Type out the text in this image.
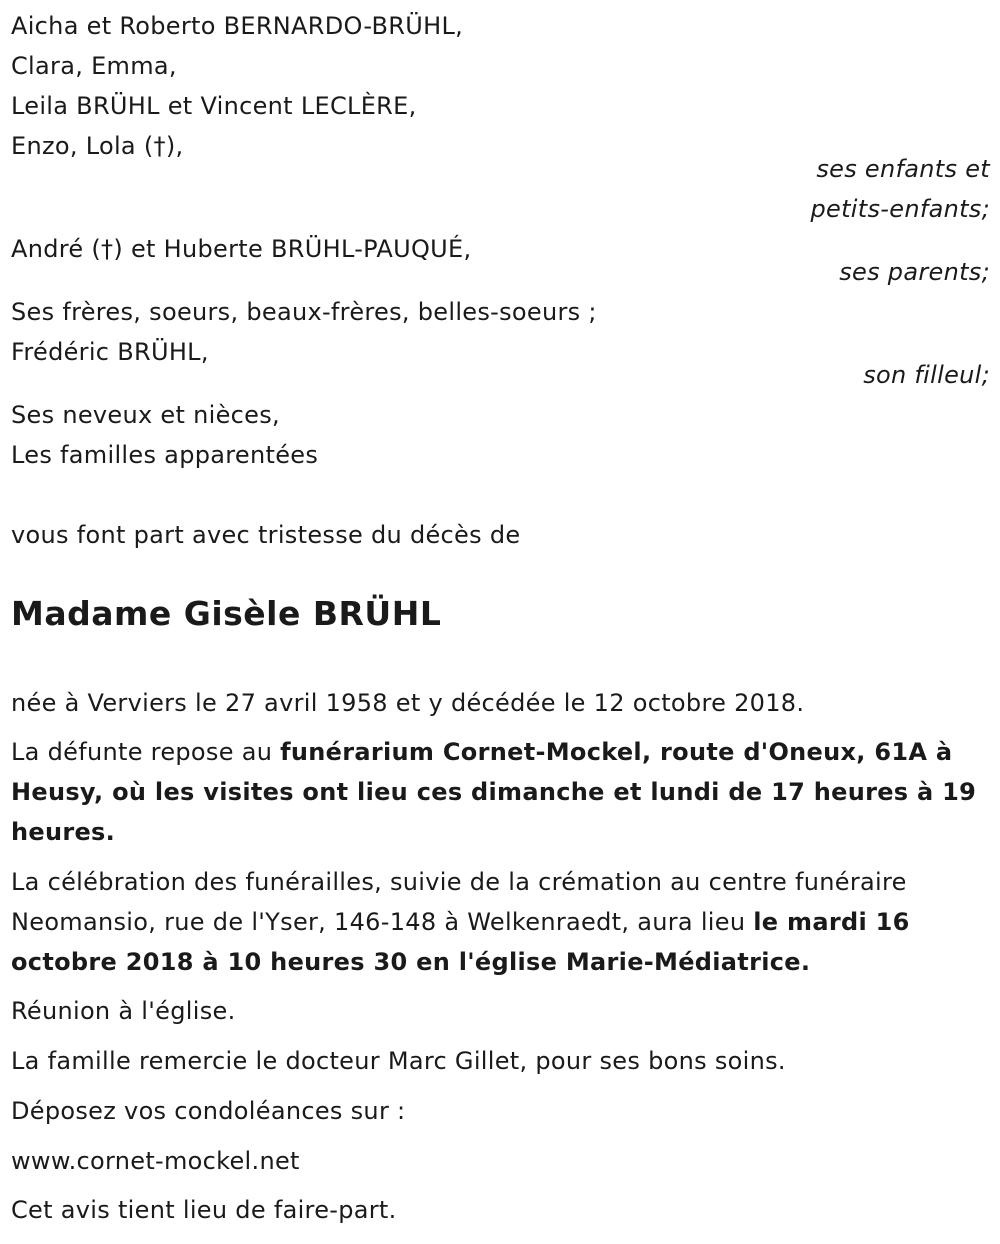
Aicha et Roberto BERNARDO-BRÜHL,
Clara, Emma,
Leila BRÜHL et Vincent LECLÈRE,
Enzo, Lola (†),
ses enfants et
petits-enfants;
André (†) et Huberte BRÜHL-PAUQUÉ,
ses parents;
Ses frères, soeurs, beaux-frères, belles-soeurs ;
Frédéric BRÜHL,
son filleul;
Ses neveux et nièces,
Les familles apparentées
vous font part avec tristesse du décès de
Madame Gisèle BRÜHL
née à Verviers le 27 avril 1958 et y décédée le 12 octobre 2018.
La défunte repose au funérarium Cornet-Mockel, route d'Oneux, 61A à Heusy, où les visites ont lieu ces dimanche et lundi de 17 heures à 19 heures.
La célébration des funérailles, suivie de la crémation au centre funéraire Neomansio, rue de l'Yser, 146-148 à Welkenraedt, aura lieu le mardi 16 octobre 2018 à 10 heures 30 en l'église Marie-Médiatrice.
Réunion à l'église.
La famille remercie le docteur Marc Gillet, pour ses bons soins.
Déposez vos condoléances sur :
www.cornet-mockel.net
Cet avis tient lieu de faire-part.
